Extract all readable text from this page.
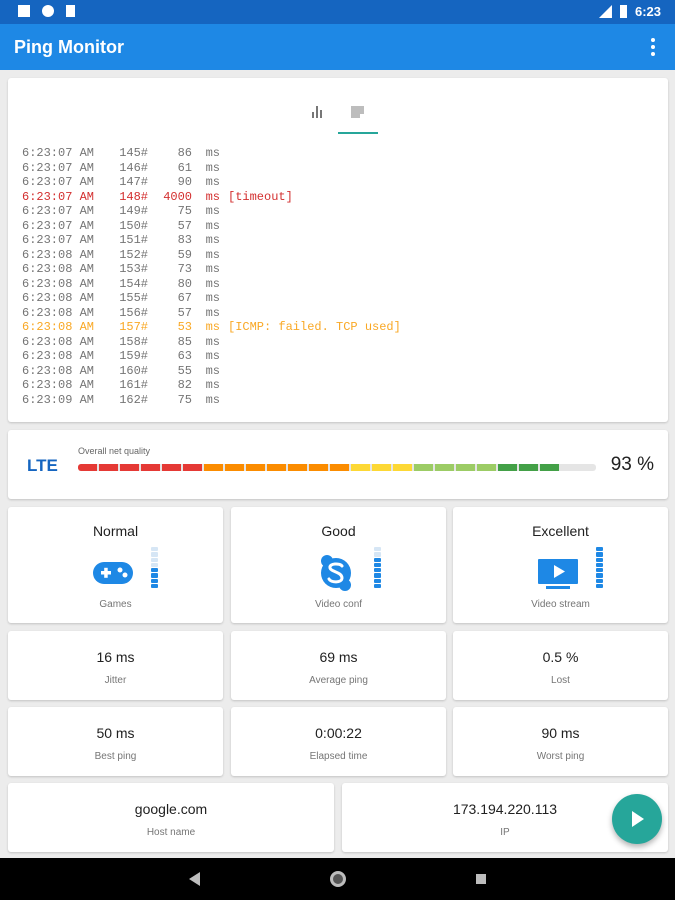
6:23
Ping Monitor
6:23:07 AM 145# 86 ms
6:23:07 AM 146# 61 ms
6:23:07 AM 147# 90 ms
6:23:07 AM 148# 4000 ms [timeout]
6:23:07 AM 149# 75 ms
6:23:07 AM 150# 57 ms
6:23:07 AM 151# 83 ms
6:23:08 AM 152# 59 ms
6:23:08 AM 153# 73 ms
6:23:08 AM 154# 80 ms
6:23:08 AM 155# 67 ms
6:23:08 AM 156# 57 ms
6:23:08 AM 157# 53 ms [ICMP: failed. TCP used]
6:23:08 AM 158# 85 ms
6:23:08 AM 159# 63 ms
6:23:08 AM 160# 55 ms
6:23:08 AM 161# 82 ms
6:23:09 AM 162# 75 ms
LTE
Overall net quality
93 %
Normal
Games
Good
Video conf
Excellent
Video stream
16 ms
Jitter
69 ms
Average ping
0.5 %
Lost
50 ms
Best ping
0:00:22
Elapsed time
90 ms
Worst ping
google.com
Host name
173.194.220.113
IP
